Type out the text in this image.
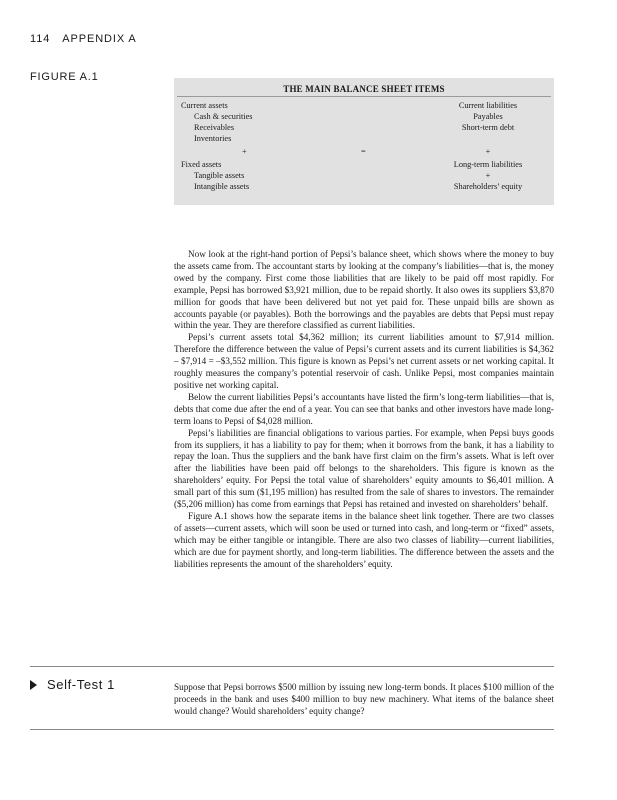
114 APPENDIX A
FIGURE A.1
THE MAIN BALANCE SHEET ITEMS
Current assets
Cash & securities
Receivables
Inventories
+
Fixed assets
Tangible assets
Intangible assets
=
Current liabilities
Payables
Short-term debt
+
Long-term liabilities
+
Shareholders’ equity

Now look at the right-hand portion of Pepsi’s balance sheet, which shows where the money to buy the assets came from. The accountant starts by looking at the company’s liabilities—that is, the money owed by the company. First come those liabilities that are likely to be paid off most rapidly. For example, Pepsi has borrowed $3,921 million, due to be repaid shortly. It also owes its suppliers $3,870 million for goods that have been delivered but not yet paid for. These unpaid bills are shown as accounts payable (or payables). Both the borrowings and the payables are debts that Pepsi must repay within the year. They are therefore classified as current liabilities.

Pepsi’s current assets total $4,362 million; its current liabilities amount to $7,914 million. Therefore the difference between the value of Pepsi’s current assets and its current liabilities is $4,362 – $7,914 = –$3,552 million. This figure is known as Pepsi’s net current assets or net working capital. It roughly measures the company’s potential reservoir of cash. Unlike Pepsi, most companies maintain positive net working capital.

Below the current liabilities Pepsi’s accountants have listed the firm’s long-term liabilities—that is, debts that come due after the end of a year. You can see that banks and other investors have made long-term loans to Pepsi of $4,028 million.

Pepsi’s liabilities are financial obligations to various parties. For example, when Pepsi buys goods from its suppliers, it has a liability to pay for them; when it borrows from the bank, it has a liability to repay the loan. Thus the suppliers and the bank have first claim on the firm’s assets. What is left over after the liabilities have been paid off belongs to the shareholders. This figure is known as the shareholders’ equity. For Pepsi the total value of shareholders’ equity amounts to $6,401 million. A small part of this sum ($1,195 million) has resulted from the sale of shares to investors. The remainder ($5,206 million) has come from earnings that Pepsi has retained and invested on shareholders’ behalf.

Figure A.1 shows how the separate items in the balance sheet link together. There are two classes of assets—current assets, which will soon be used or turned into cash, and long-term or “fixed” assets, which may be either tangible or intangible. There are also two classes of liability—current liabilities, which are due for payment shortly, and long-term liabilities. The difference between the assets and the liabilities represents the amount of the shareholders’ equity.

Self-Test 1	Suppose that Pepsi borrows $500 million by issuing new long-term bonds. It places $100 million of the proceeds in the bank and uses $400 million to buy new machinery. What items of the balance sheet would change? Would shareholders’ equity change?
